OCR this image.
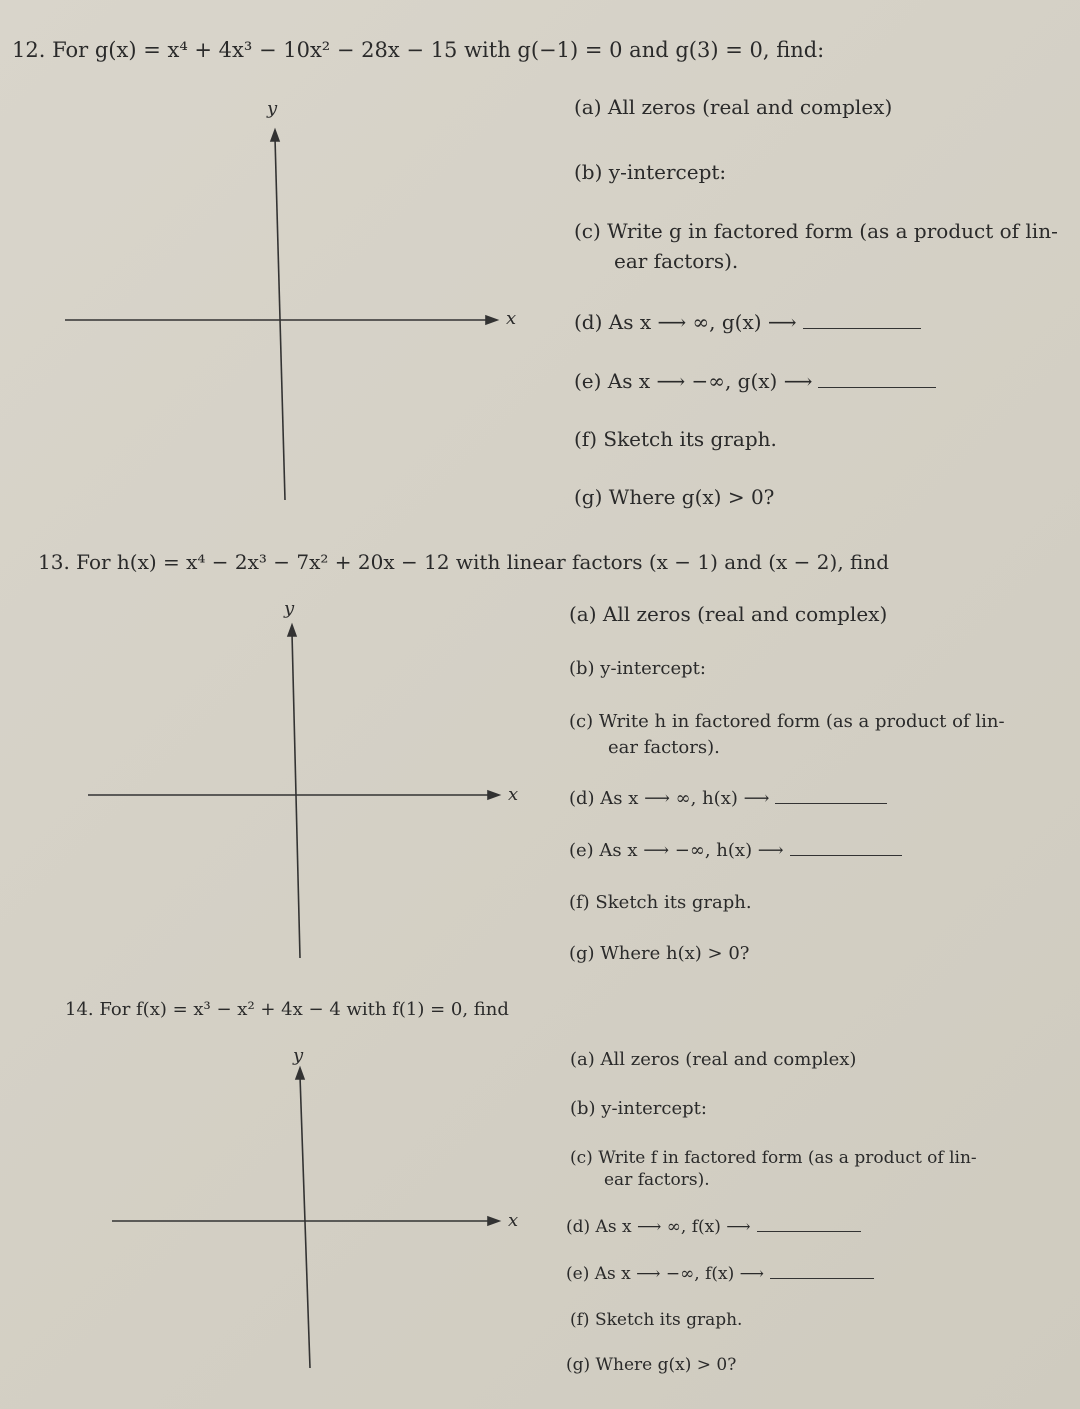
12. For g(x) = x⁴ + 4x³ − 10x² − 28x − 15 with g(−1) = 0 and g(3) = 0, find:
y
x
(a) All zeros (real and complex)
(b) y-intercept:
(c) Write g in factored form (as a product of lin-
ear factors).
(d) As x ⟶ ∞, g(x) ⟶
(e) As x ⟶ −∞, g(x) ⟶
(f) Sketch its graph.
(g) Where g(x) > 0?
13. For h(x) = x⁴ − 2x³ − 7x² + 20x − 12 with linear factors (x − 1) and (x − 2), find
y
x
(a) All zeros (real and complex)
(b) y-intercept:
(c) Write h in factored form (as a product of lin-
ear factors).
(d) As x ⟶ ∞, h(x) ⟶
(e) As x ⟶ −∞, h(x) ⟶
(f) Sketch its graph.
(g) Where h(x) > 0?
14. For f(x) = x³ − x² + 4x − 4 with f(1) = 0, find
y
x
(a) All zeros (real and complex)
(b) y-intercept:
(c) Write f in factored form (as a product of lin-
ear factors).
(d) As x ⟶ ∞, f(x) ⟶
(e) As x ⟶ −∞, f(x) ⟶
(f) Sketch its graph.
(g) Where g(x) > 0?
